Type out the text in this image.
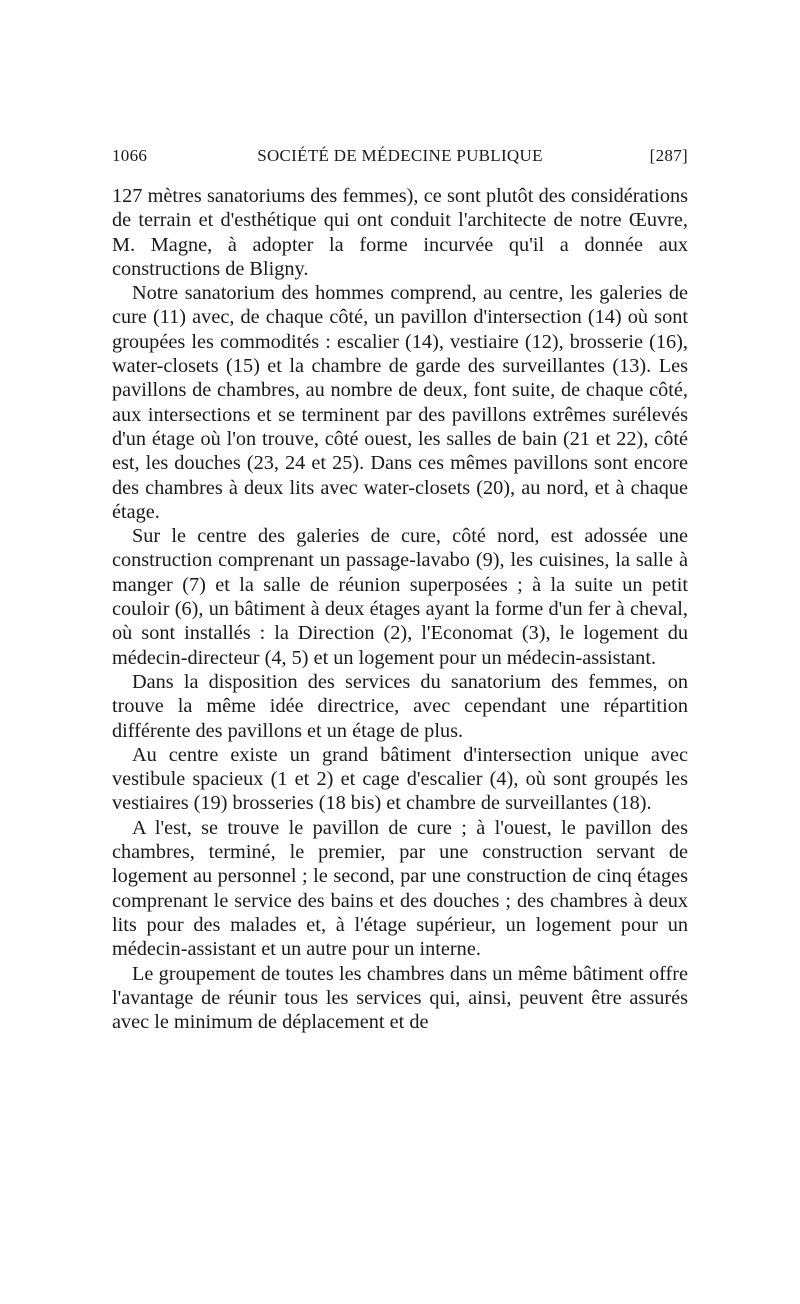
1066	SOCIÉTÉ DE MÉDECINE PUBLIQUE	[287]

127 mètres sanatoriums des femmes), ce sont plutôt des considérations de terrain et d'esthétique qui ont conduit l'architecte de notre Œuvre, M. Magne, à adopter la forme incurvée qu'il a donnée aux constructions de Bligny.

Notre sanatorium des hommes comprend, au centre, les galeries de cure (11) avec, de chaque côté, un pavillon d'intersection (14) où sont groupées les commodités : escalier (14), vestiaire (12), brosserie (16), water-closets (15) et la chambre de garde des surveillantes (13). Les pavillons de chambres, au nombre de deux, font suite, de chaque côté, aux intersections et se terminent par des pavillons extrêmes surélevés d'un étage où l'on trouve, côté ouest, les salles de bain (21 et 22), côté est, les douches (23, 24 et 25). Dans ces mêmes pavillons sont encore des chambres à deux lits avec water-closets (20), au nord, et à chaque étage.

Sur le centre des galeries de cure, côté nord, est adossée une construction comprenant un passage-lavabo (9), les cuisines, la salle à manger (7) et la salle de réunion superposées ; à la suite un petit couloir (6), un bâtiment à deux étages ayant la forme d'un fer à cheval, où sont installés : la Direction (2), l'Economat (3), le logement du médecin-directeur (4, 5) et un logement pour un médecin-assistant.

Dans la disposition des services du sanatorium des femmes, on trouve la même idée directrice, avec cependant une répartition différente des pavillons et un étage de plus.

Au centre existe un grand bâtiment d'intersection unique avec vestibule spacieux (1 et 2) et cage d'escalier (4), où sont groupés les vestiaires (19) brosseries (18 bis) et chambre de surveillantes (18).

A l'est, se trouve le pavillon de cure ; à l'ouest, le pavillon des chambres, terminé, le premier, par une construction servant de logement au personnel ; le second, par une construction de cinq étages comprenant le service des bains et des douches ; des chambres à deux lits pour des malades et, à l'étage supérieur, un logement pour un médecin-assistant et un autre pour un interne.

Le groupement de toutes les chambres dans un même bâtiment offre l'avantage de réunir tous les services qui, ainsi, peuvent être assurés avec le minimum de déplacement et de
